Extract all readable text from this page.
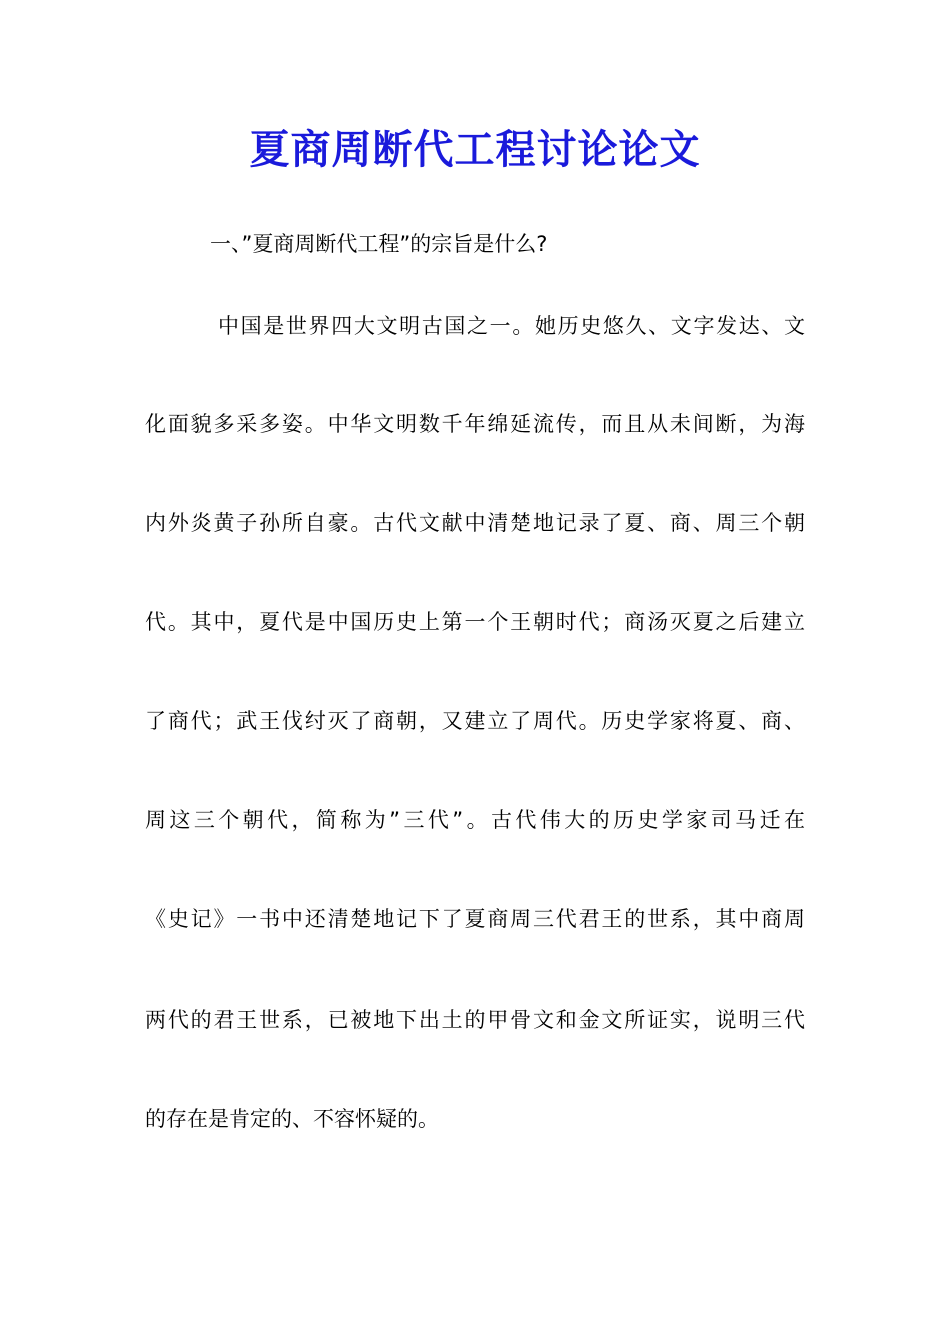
夏商周断代工程讨论论文

一、”夏商周断代工程”的宗旨是什么?

中国是世界四大文明古国之一。她历史悠久、文字发达、文

化面貌多采多姿。中华文明数千年绵延流传，而且从未间断，为海

内外炎黄子孙所自豪。古代文献中清楚地记录了夏、商、周三个朝

代。其中，夏代是中国历史上第一个王朝时代；商汤灭夏之后建立

了商代；武王伐纣灭了商朝，又建立了周代。历史学家将夏、商、

周这三个朝代，简称为”三代”。古代伟大的历史学家司马迁在

《史记》一书中还清楚地记下了夏商周三代君王的世系，其中商周

两代的君王世系，已被地下出土的甲骨文和金文所证实，说明三代

的存在是肯定的、不容怀疑的。
